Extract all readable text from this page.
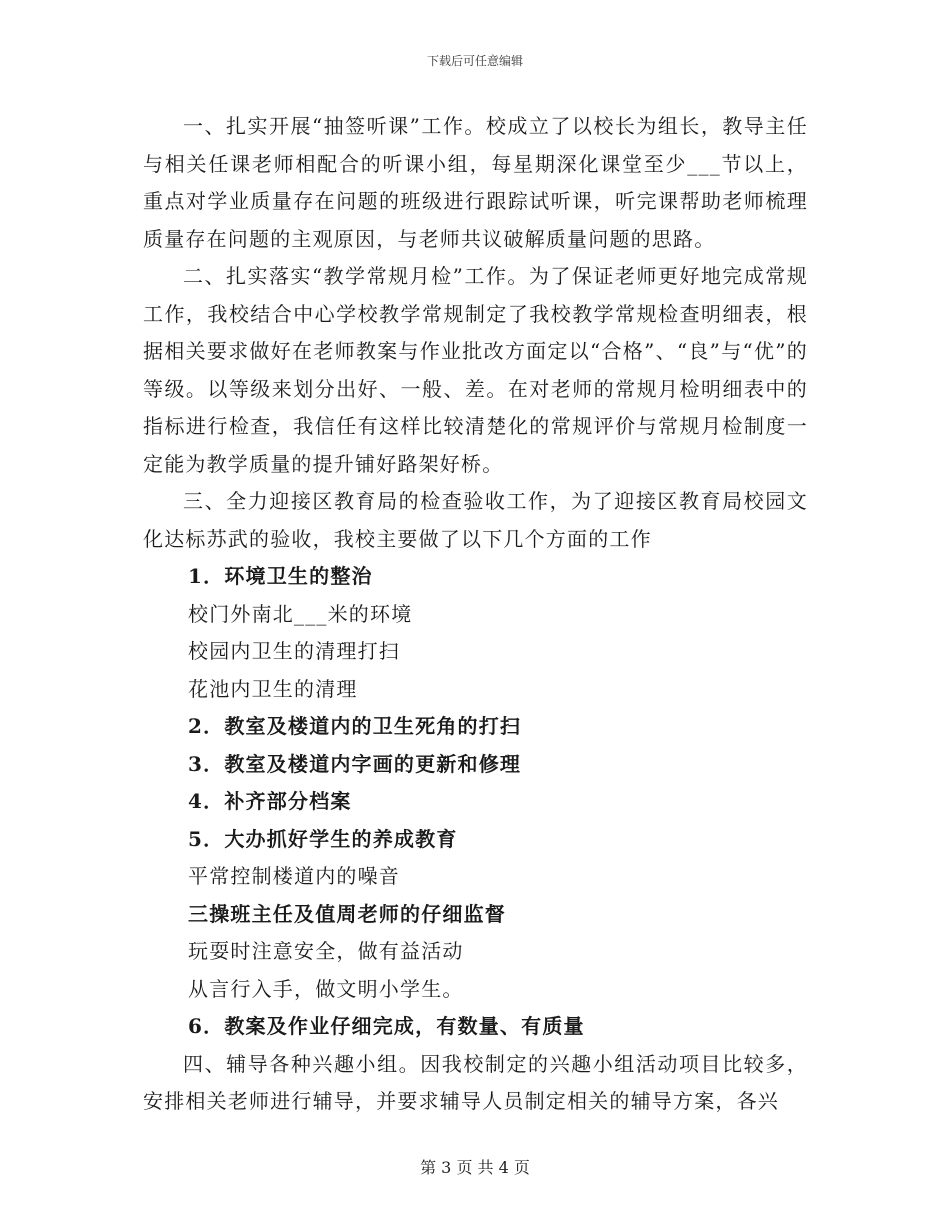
下载后可任意编辑

一、扎实开展“抽签听课”工作。校成立了以校长为组长，教导主任与相关任课老师相配合的听课小组，每星期深化课堂至少___节以上，重点对学业质量存在问题的班级进行跟踪试听课，听完课帮助老师梳理质量存在问题的主观原因，与老师共议破解质量问题的思路。

二、扎实落实“教学常规月检”工作。为了保证老师更好地完成常规工作，我校结合中心学校教学常规制定了我校教学常规检查明细表，根据相关要求做好在老师教案与作业批改方面定以“合格”、“良”与“优”的等级。以等级来划分出好、一般、差。在对老师的常规月检明细表中的指标进行检查，我信任有这样比较清楚化的常规评价与常规月检制度一定能为教学质量的提升铺好路架好桥。

三、全力迎接区教育局的检查验收工作，为了迎接区教育局校园文化达标苏武的验收，我校主要做了以下几个方面的工作

1．环境卫生的整治

校门外南北___米的环境

校园内卫生的清理打扫

花池内卫生的清理

2．教室及楼道内的卫生死角的打扫

3．教室及楼道内字画的更新和修理

4．补齐部分档案

5．大办抓好学生的养成教育

平常控制楼道内的噪音

三操班主任及值周老师的仔细监督

玩耍时注意安全，做有益活动

从言行入手，做文明小学生。

6．教案及作业仔细完成，有数量、有质量

四、辅导各种兴趣小组。因我校制定的兴趣小组活动项目比较多，安排相关老师进行辅导，并要求辅导人员制定相关的辅导方案，各兴

第 3 页 共 4 页
